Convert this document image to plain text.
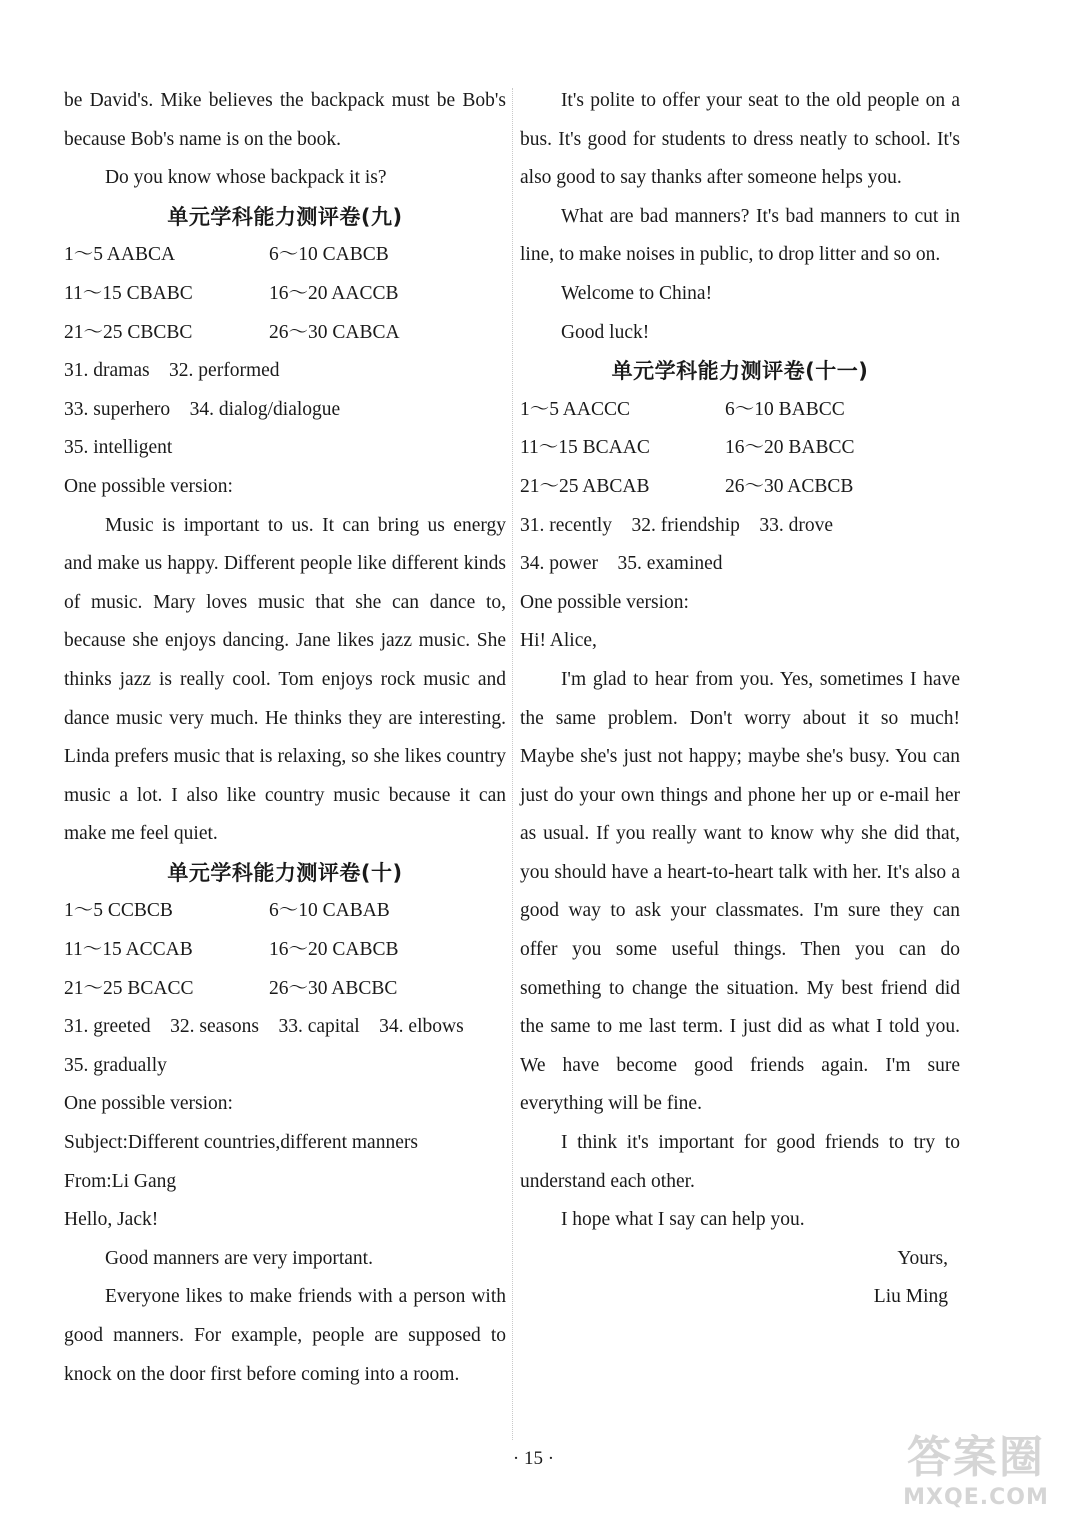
be David's. Mike believes the backpack must be Bob's because Bob's name is on the book.

Do you know whose backpack it is?

单元学科能力测评卷(九)
1～5 AABCA	6～10 CABCB
11～15 CBABC	16～20 AACCB
21～25 CBCBC	26～30 CABCA

31. dramas　32. performed

33. superhero　34. dialog/dialogue

35. intelligent

One possible version:

Music is important to us. It can bring us energy and make us happy. Different people like different kinds of music. Mary loves music that she can dance to, because she enjoys dancing. Jane likes jazz music. She thinks jazz is really cool. Tom enjoys rock music and dance music very much. He thinks they are interesting. Linda prefers music that is relaxing, so she likes country music a lot. I also like country music because it can make me feel quiet.

单元学科能力测评卷(十)
1～5 CCBCB	6～10 CABAB
11～15 ACCAB	16～20 CABCB
21～25 BCACC	26～30 ABCBC

31. greeted　32. seasons　33. capital　34. elbows

35. gradually

One possible version:

Subject:Different countries,different manners

From:Li Gang

Hello, Jack!

Good manners are very important.

Everyone likes to make friends with a person with good manners. For example, people are supposed to knock on the door first before coming into a room.

It's polite to offer your seat to the old people on a bus. It's good for students to dress neatly to school. It's also good to say thanks after someone helps you.

What are bad manners? It's bad manners to cut in line, to make noises in public, to drop litter and so on.

Welcome to China!

Good luck!

单元学科能力测评卷(十一)
1～5 AACCC	6～10 BABCC
11～15 BCAAC	16～20 BABCC
21～25 ABCAB	26～30 ACBCB

31. recently　32. friendship　33. drove

34. power　35. examined

One possible version:

Hi! Alice,

I'm glad to hear from you. Yes, sometimes I have the same problem. Don't worry about it so much! Maybe she's just not happy; maybe she's busy. You can just do your own things and phone her up or e-mail her as usual. If you really want to know why she did that, you should have a heart-to-heart talk with her. It's also a good way to ask your classmates. I'm sure they can offer you some useful things. Then you can do something to change the situation. My best friend did the same to me last term. I just did as what I told you. We have become good friends again. I'm sure everything will be fine.

I think it's important for good friends to try to understand each other.

I hope what I say can help you.

Yours,

Liu Ming

· 15 ·	答案圈
MXQE.COM
